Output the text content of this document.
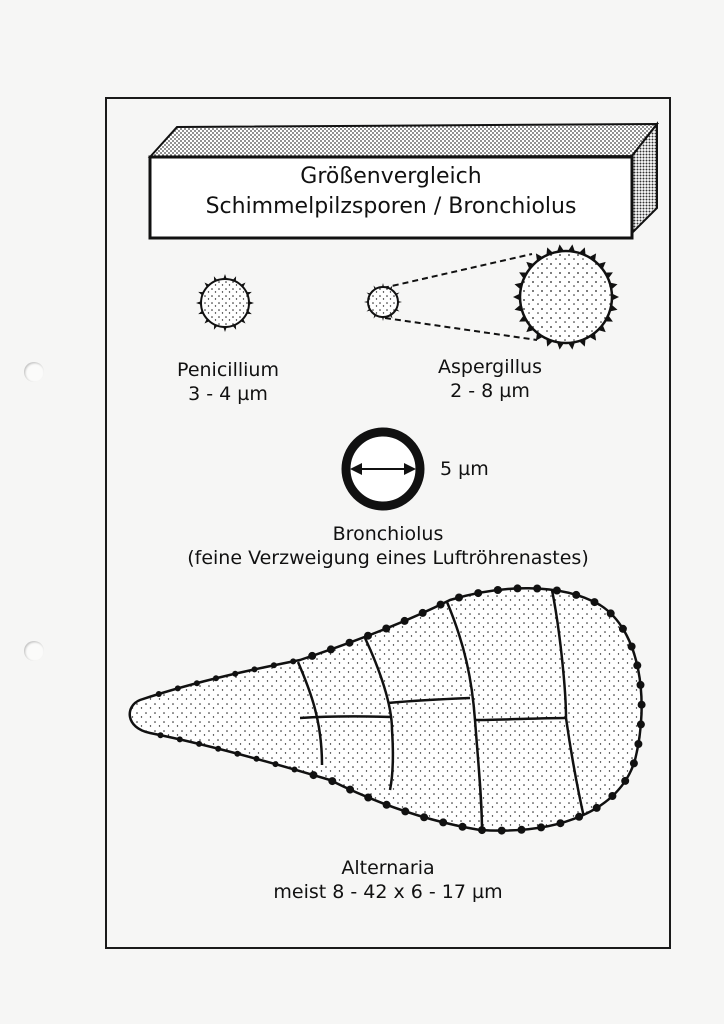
Größenvergleich
Schimmelpilzsporen / Bronchiolus
Penicillium
3 - 4 µm
Aspergillus
2 - 8 µm
5 µm
Bronchiolus
(feine Verzweigung eines Luftröhrenastes)
Alternaria
meist 8 - 42 x 6 - 17 µm
